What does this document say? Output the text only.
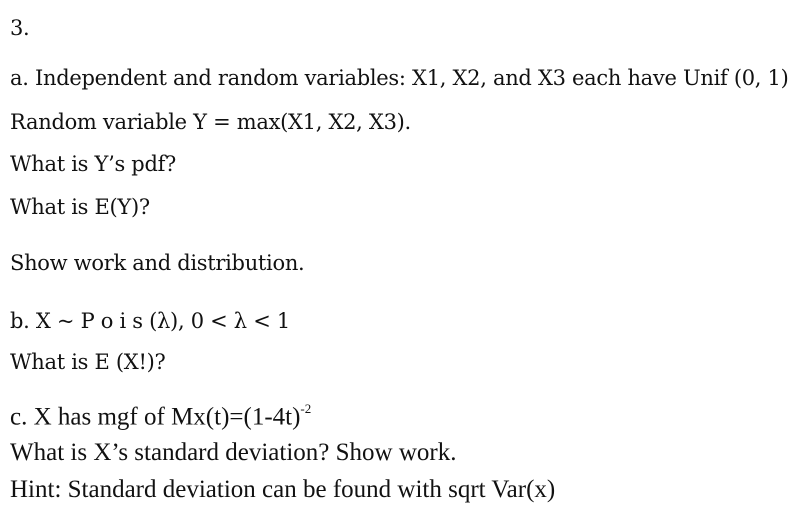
3.
a. Independent and random variables: X1, X2, and X3 each have Unif (0, 1)
Random variable Y = max(X1, X2, X3).
What is Y’s pdf?
What is E(Y)?
Show work and distribution.
b. X ~ P o i s (λ), 0 < λ < 1
What is E (X!)?
c. X has mgf of $Mx(t)=(1-4t)^{-2}$
What is X’s standard deviation? Show work.
Hint: Standard deviation can be found with sqrt Var(x)
